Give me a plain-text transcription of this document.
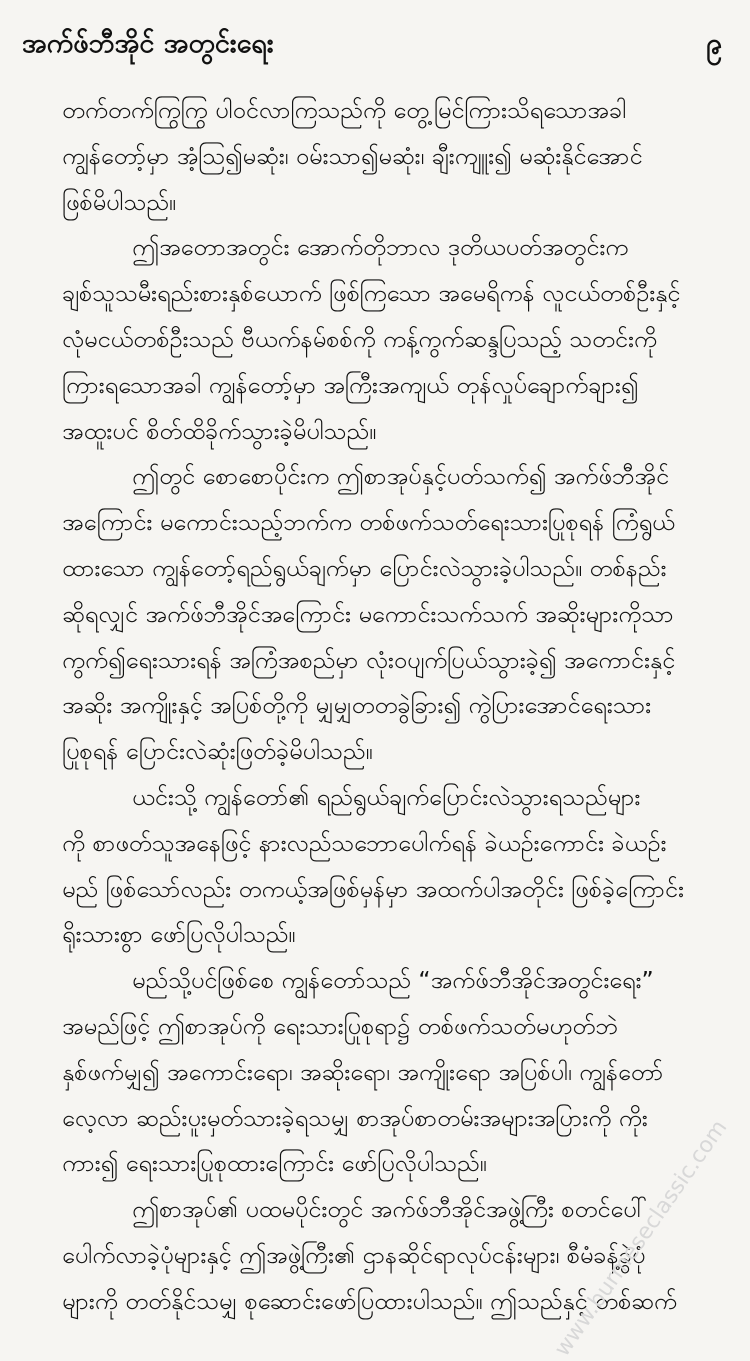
အက်ဖ်ဘီအိုင် အတွင်းရေး	၉
တက်တက်ကြွကြွ ပါဝင်လာကြသည်ကို တွေ့မြင်ကြားသိရသောအခါ
ကျွန်တော့်မှာ အံ့ဩ၍မဆုံး၊ ဝမ်းသာ၍မဆုံး၊ ချီးကျူး၍ မဆုံးနိုင်အောင်
ဖြစ်မိပါသည်။
ဤအတောအတွင်း အောက်တိုဘာလ ဒုတိယပတ်အတွင်းက
ချစ်သူသမီးရည်းစားနှစ်ယောက် ဖြစ်ကြသော အမေရိကန် လူငယ်တစ်ဦးနှင့်
လုံမငယ်တစ်ဦးသည် ဗီယက်နမ်စစ်ကို ကန့်ကွက်ဆန္ဒပြသည့် သတင်းကို
ကြားရသောအခါ ကျွန်တော့်မှာ အကြီးအကျယ် တုန်လှုပ်ချောက်ချား၍
အထူးပင် စိတ်ထိခိုက်သွားခဲ့မိပါသည်။
ဤတွင် စောစောပိုင်းက ဤစာအုပ်နှင့်ပတ်သက်၍ အက်ဖ်ဘီအိုင်
အကြောင်း မကောင်းသည့်ဘက်က တစ်ဖက်သတ်ရေးသားပြုစုရန် ကြံရွယ်
ထားသော ကျွန်တော့်ရည်ရွယ်ချက်မှာ ပြောင်းလဲသွားခဲ့ပါသည်။ တစ်နည်း
ဆိုရလျှင် အက်ဖ်ဘီအိုင်အကြောင်း မကောင်းသက်သက် အဆိုးများကိုသာ
ကွက်၍ရေးသားရန် အကြံအစည်မှာ လုံးဝပျက်ပြယ်သွားခဲ့၍ အကောင်းနှင့်
အဆိုး အကျိုးနှင့် အပြစ်တို့ကို မျှမျှတတခွဲခြား၍ ကွဲပြားအောင်ရေးသား
ပြုစုရန် ပြောင်းလဲဆုံးဖြတ်ခဲ့မိပါသည်။
ယင်းသို့ ကျွန်တော်၏ ရည်ရွယ်ချက်ပြောင်းလဲသွားရသည်များ
ကို စာဖတ်သူအနေဖြင့် နားလည်သဘောပေါက်ရန် ခဲယဉ်းကောင်း ခဲယဉ်း
မည် ဖြစ်သော်လည်း တကယ့်အဖြစ်မှန်မှာ အထက်ပါအတိုင်း ဖြစ်ခဲ့ကြောင်း
ရိုးသားစွာ ဖော်ပြလိုပါသည်။
မည်သို့ပင်ဖြစ်စေ ကျွန်တော်သည် “အက်ဖ်ဘီအိုင်အတွင်းရေး”
အမည်ဖြင့် ဤစာအုပ်ကို ရေးသားပြုစုရာ၌ တစ်ဖက်သတ်မဟုတ်ဘဲ
နှစ်ဖက်မျှ၍ အကောင်းရော၊ အဆိုးရော၊ အကျိုးရော အပြစ်ပါ၊ ကျွန်တော်
လေ့လာ ဆည်းပူးမှတ်သားခဲ့ရသမျှ စာအုပ်စာတမ်းအများအပြားကို ကိုး
ကား၍ ရေးသားပြုစုထားကြောင်း ဖော်ပြလိုပါသည်။
ဤစာအုပ်၏ ပထမပိုင်းတွင် အက်ဖ်ဘီအိုင်အဖွဲ့ကြီး စတင်ပေါ်
ပေါက်လာခဲ့ပုံများနှင့် ဤအဖွဲ့ကြီး၏ ဌာနဆိုင်ရာလုပ်ငန်းများ၊ စီမံခန့်ခွဲပုံ
များကို တတ်နိုင်သမျှ စုဆောင်းဖော်ပြထားပါသည်။ ဤသည်နှင့် တစ်ဆက်
www.burmeseclassic.com
